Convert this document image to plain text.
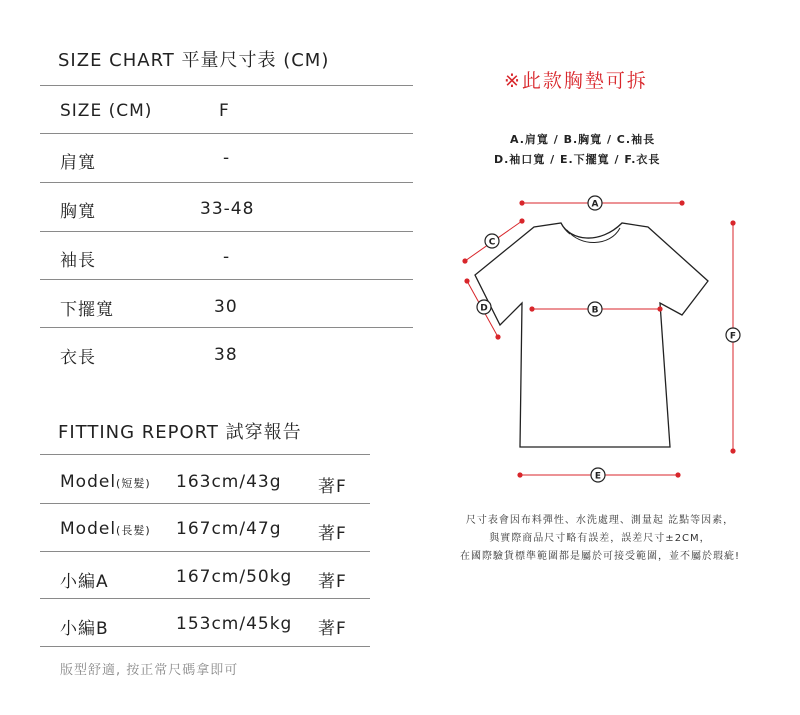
SIZE CHART 平量尺寸表 (CM)
SIZE (CM)	F
肩寬	-
胸寬	33-48
袖長	-
下擺寬	30
衣長	38
FITTING REPORT 試穿報告
Model(短髮) 163cm/43g 著F
Model(長髮) 167cm/47g 著F
小編A	167cm/50kg 著F
小編B	153cm/45kg 著F
版型舒適, 按正常尺碼拿即可
※此款胸墊可拆
A.肩寬 / B.胸寬 / C.袖長
D.袖口寬 / E.下擺寬 / F.衣長
A
C
D	B
F
E
尺寸表會因布料彈性、水洗處理、測量起 訖點等因素，
與實際商品尺寸略有誤差，誤差尺寸±2CM，
在國際驗貨標準範圍都是屬於可接受範圍，並不屬於瑕疵!
